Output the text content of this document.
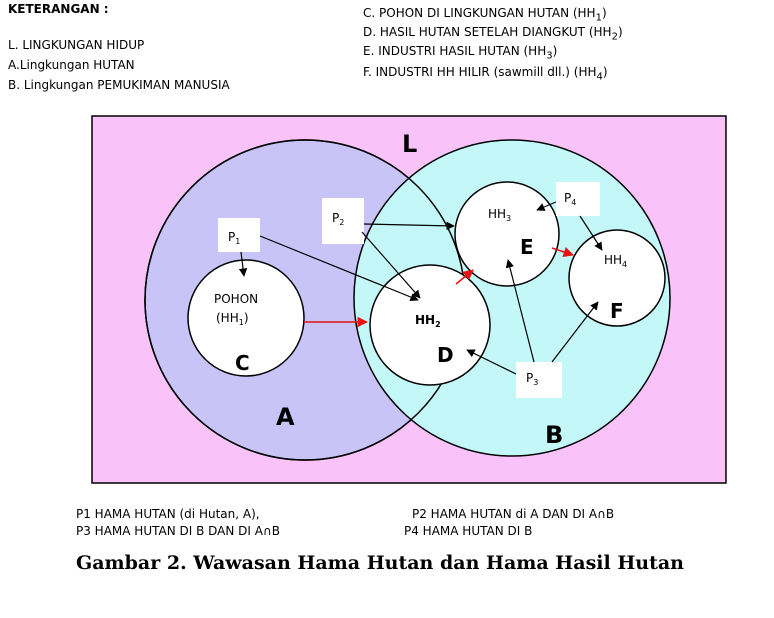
KETERANGAN :
L. LINGKUNGAN HIDUP
A.Lingkungan HUTAN
B. Lingkungan PEMUKIMAN MANUSIA
C. POHON DI LINGKUNGAN HUTAN $(HH_1)$
D. HASIL HUTAN SETELAH DIANGKUT $(HH_2)$
E. INDUSTRI HASIL HUTAN $(HH_3)$
F. INDUSTRI HH HILIR (sawmill dll.) $(HH_4)$
L
A
B
POHON
$(HH_1)$
C
$HH_2$
D
$HH_3$
E
$HH_4$
F
$P_1$
$P_2$
$P_3$
$P_4$
P1 HAMA HUTAN (di Hutan, A),	P2 HAMA HUTAN di A DAN DI A∩B
P3 HAMA HUTAN DI B DAN DI A∩B	P4 HAMA HUTAN DI B
Gambar 2. Wawasan Hama Hutan dan Hama Hasil Hutan
